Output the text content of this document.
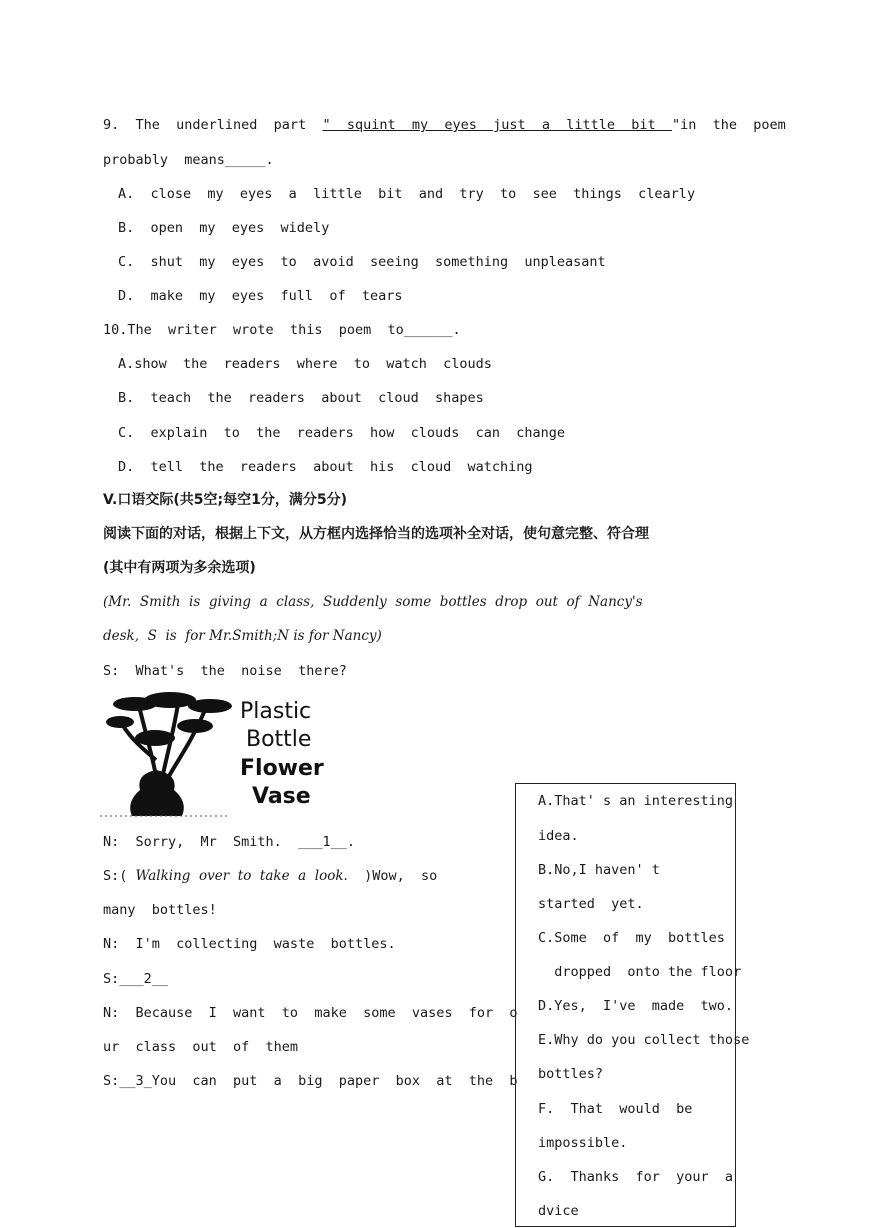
9.  The  underlined  part  "  squint  my  eyes  just  a  little  bit  "in  the  poem
probably  means_____.
A.  close  my  eyes  a  little  bit  and  try  to  see  things  clearly
B.  open  my  eyes  widely
C.  shut  my  eyes  to  avoid  seeing  something  unpleasant
D.  make  my  eyes  full  of  tears
10.The  writer  wrote  this  poem  to______.
A.show  the  readers  where  to  watch  clouds
B.  teach  the  readers  about  cloud  shapes
C.  explain  to  the  readers  how  clouds  can  change
D.  tell  the  readers  about  his  cloud  watching
V.口语交际(共5空;每空1分，满分5分)
阅读下面的对话，根据上下文，从方框内选择恰当的选项补全对话，使句意完整、符合理
(其中有两项为多余选项)
(Mr.  Smith  is  giving  a  class,  Suddenly  some  bottles  drop  out  of  Nancy's
desk,  S  is  for Mr.Smith;N is for Nancy)
S:  What's  the  noise  there?
Plastic
Bottle
Flower
Vase
N:  Sorry,  Mr  Smith.  ___1__.
S:( Walking  over  to  take  a  look.  )Wow,  so
many  bottles!
N:  I'm  collecting  waste  bottles.
S:___2__
N:  Because  I  want  to  make  some  vases  for  o
ur  class  out  of  them
S:__3_You  can  put  a  big  paper  box  at  the  b
A.That' s an interesting
idea.
B.No,I haven' t
started  yet.
C.Some  of  my  bottles
dropped  onto the floor
D.Yes,  I've  made  two.
E.Why do you collect those
bottles?
F.  That  would  be
impossible.
G.  Thanks  for  your  a
dvice
